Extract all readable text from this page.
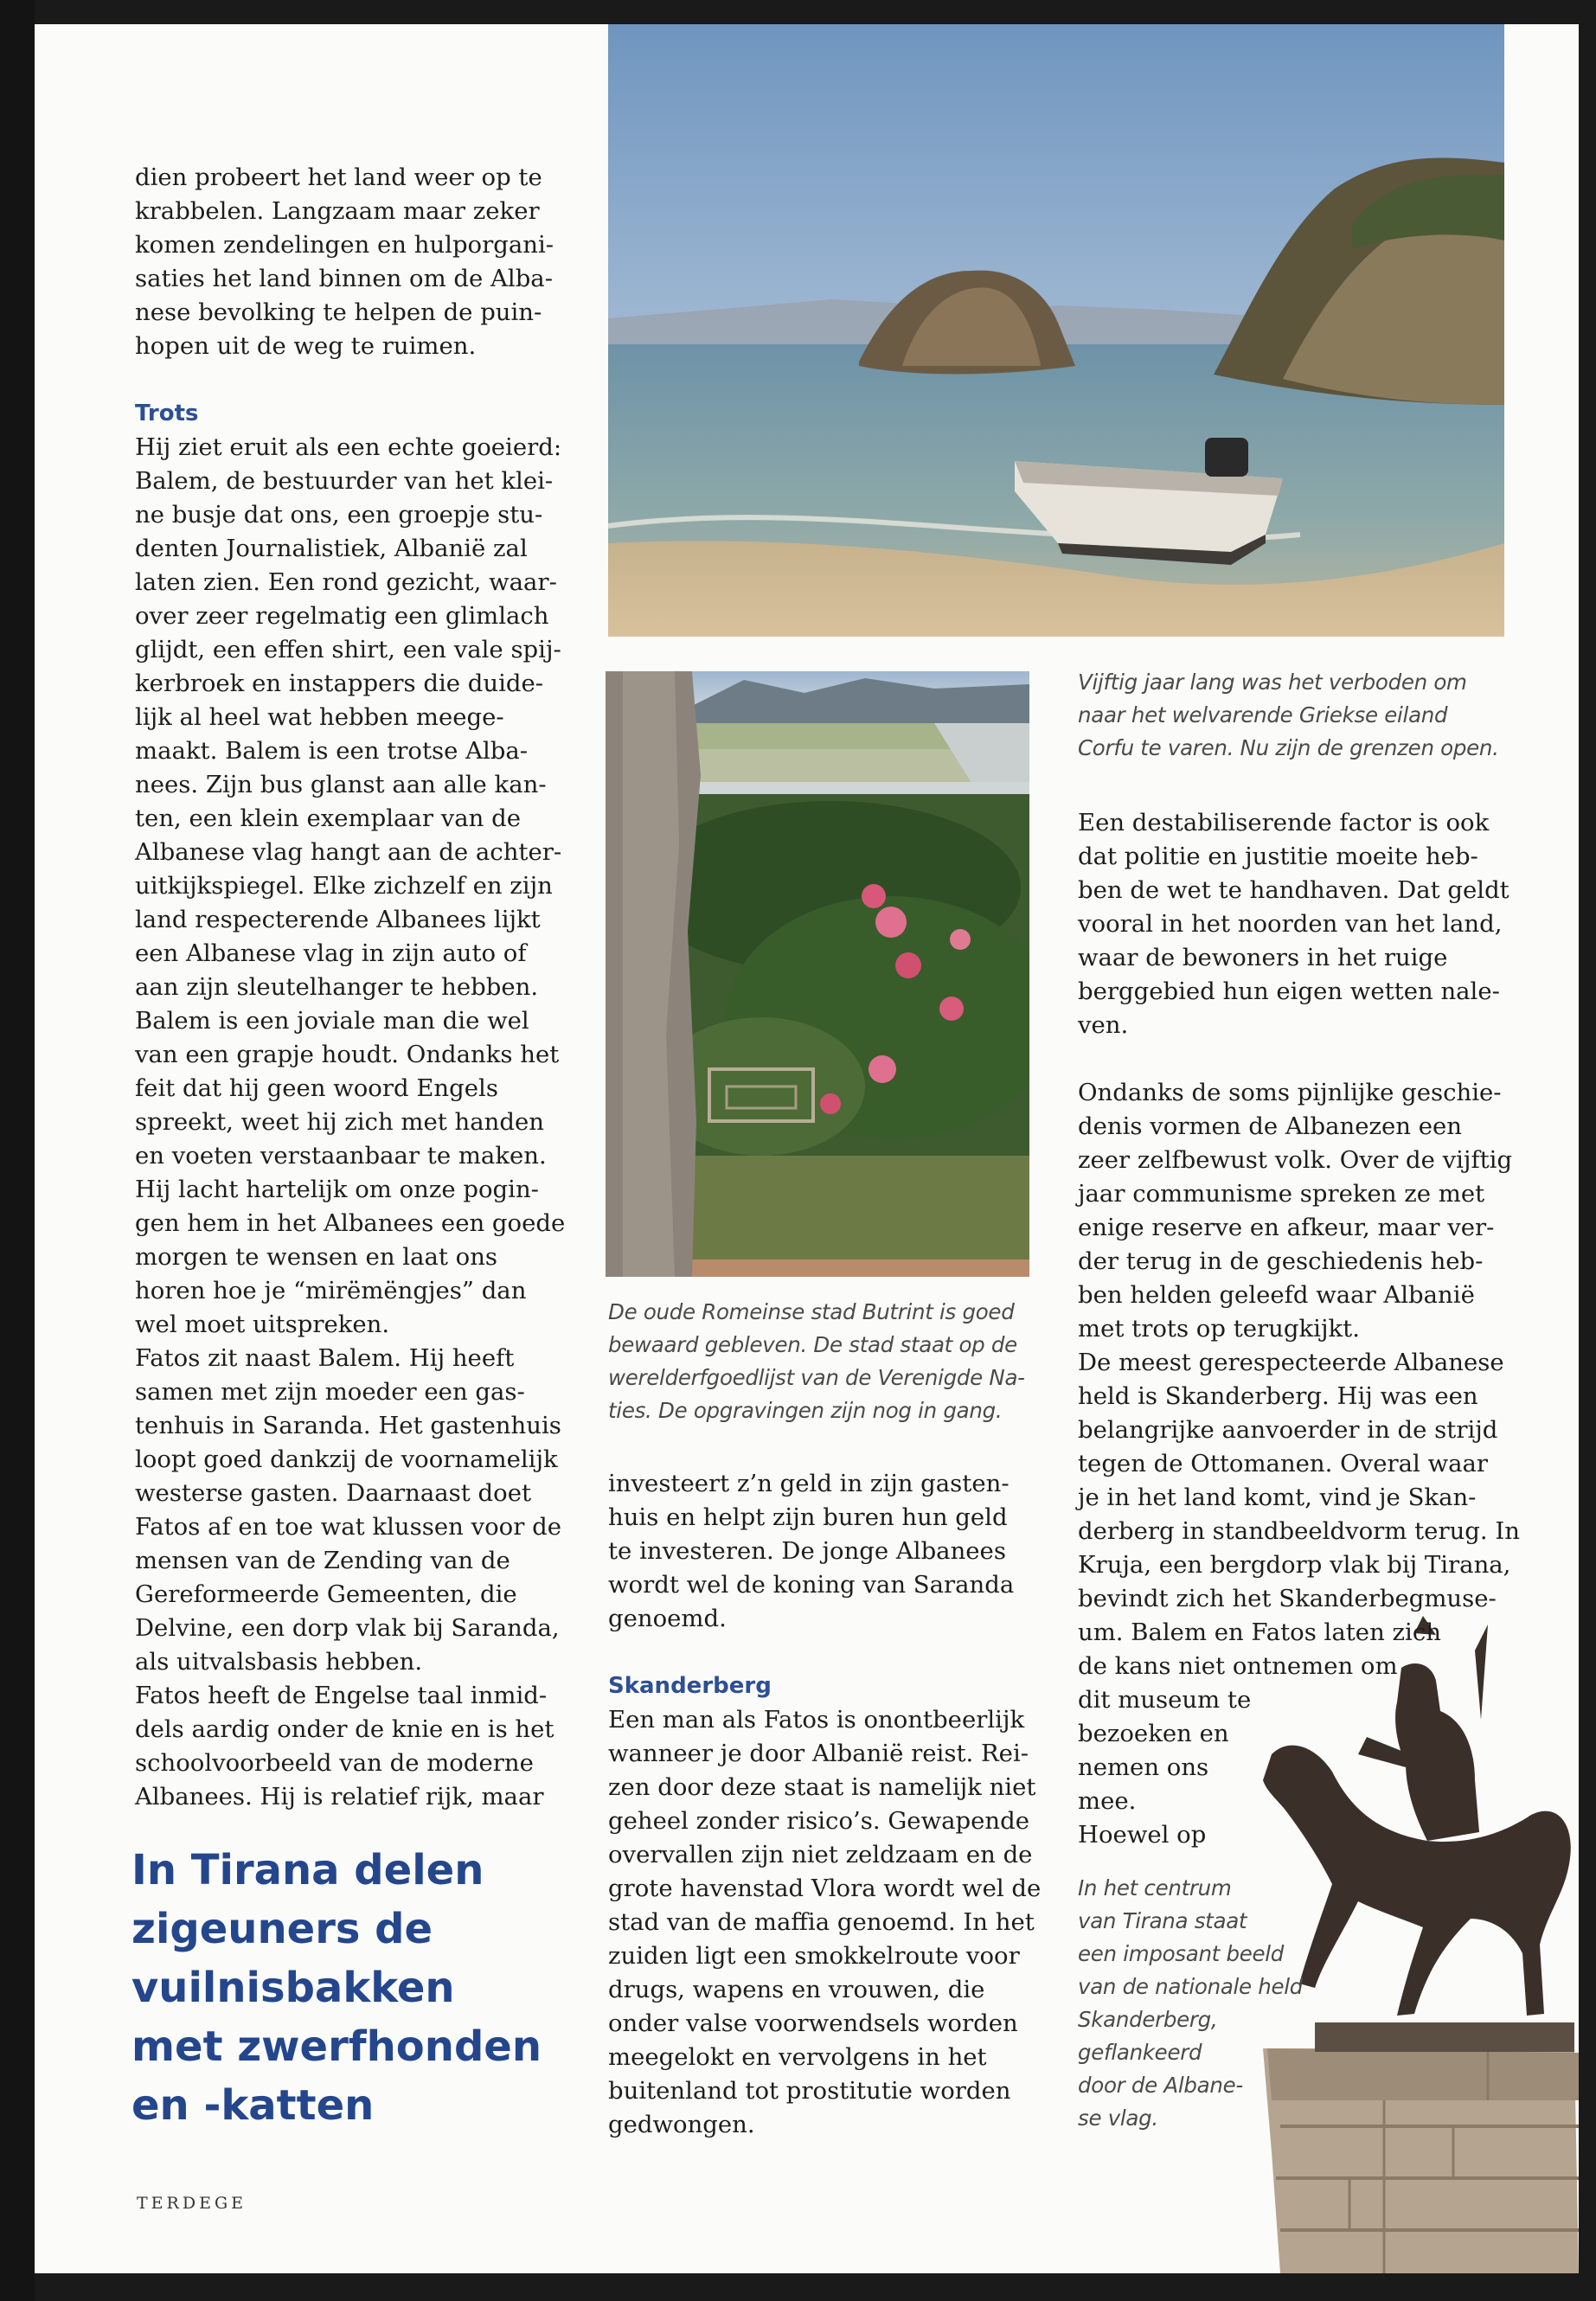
dien probeert het land weer op te

krabbelen. Langzaam maar zeker

komen zendelingen en hulporgani-

saties het land binnen om de Alba-

nese bevolking te helpen de puin-

hopen uit de weg te ruimen.

Trots

Hij ziet eruit als een echte goeierd:

Balem, de bestuurder van het klei-

ne busje dat ons, een groepje stu-

denten Journalistiek, Albanië zal

laten zien. Een rond gezicht, waar-

over zeer regelmatig een glimlach

glijdt, een effen shirt, een vale spij-

kerbroek en instappers die duide-

lijk al heel wat hebben meege-

maakt. Balem is een trotse Alba-

nees. Zijn bus glanst aan alle kan-

ten, een klein exemplaar van de

Albanese vlag hangt aan de achter-

uitkijkspiegel. Elke zichzelf en zijn

land respecterende Albanees lijkt

een Albanese vlag in zijn auto of

aan zijn sleutelhanger te hebben.

Balem is een joviale man die wel

van een grapje houdt. Ondanks het

feit dat hij geen woord Engels

spreekt, weet hij zich met handen

en voeten verstaanbaar te maken.

Hij lacht hartelijk om onze pogin-

gen hem in het Albanees een goede

morgen te wensen en laat ons

horen hoe je “mirëmëngjes” dan

wel moet uitspreken.

Fatos zit naast Balem. Hij heeft

samen met zijn moeder een gas-

tenhuis in Saranda. Het gastenhuis

loopt goed dankzij de voornamelijk

westerse gasten. Daarnaast doet

Fatos af en toe wat klussen voor de

mensen van de Zending van de

Gereformeerde Gemeenten, die

Delvine, een dorp vlak bij Saranda,

als uitvalsbasis hebben.

Fatos heeft de Engelse taal inmid-

dels aardig onder de knie en is het

schoolvoorbeeld van de moderne

Albanees. Hij is relatief rijk, maar

In Tirana delen
zigeuners de
vuilnisbakken
met zwerfhonden
en -katten
TERDEGE
De oude Romeinse stad Butrint is goed
bewaard gebleven. De stad staat op de
werelderfgoedlijst van de Verenigde Na-
ties. De opgravingen zijn nog in gang.

investeert z’n geld in zijn gasten-

huis en helpt zijn buren hun geld

te investeren. De jonge Albanees

wordt wel de koning van Saranda

genoemd.

Skanderberg

Een man als Fatos is onontbeerlijk

wanneer je door Albanië reist. Rei-

zen door deze staat is namelijk niet

geheel zonder risico’s. Gewapende

overvallen zijn niet zeldzaam en de

grote havenstad Vlora wordt wel de

stad van de maffia genoemd. In het

zuiden ligt een smokkelroute voor

drugs, wapens en vrouwen, die

onder valse voorwendsels worden

meegelokt en vervolgens in het

buitenland tot prostitutie worden

gedwongen.

Vijftig jaar lang was het verboden om
naar het welvarende Griekse eiland
Corfu te varen. Nu zijn de grenzen open.

Een destabiliserende factor is ook

dat politie en justitie moeite heb-

ben de wet te handhaven. Dat geldt

vooral in het noorden van het land,

waar de bewoners in het ruige

berggebied hun eigen wetten nale-

ven.

Ondanks de soms pijnlijke geschie-

denis vormen de Albanezen een

zeer zelfbewust volk. Over de vijftig

jaar communisme spreken ze met

enige reserve en afkeur, maar ver-

der terug in de geschiedenis heb-

ben helden geleefd waar Albanië

met trots op terugkijkt.

De meest gerespecteerde Albanese

held is Skanderberg. Hij was een

belangrijke aanvoerder in de strijd

tegen de Ottomanen. Overal waar

je in het land komt, vind je Skan-

derberg in standbeeldvorm terug. In

Kruja, een bergdorp vlak bij Tirana,

bevindt zich het Skanderbegmuse-

um. Balem en Fatos laten zich

de kans niet ontnemen om

dit museum te

bezoeken en

nemen ons

mee.

Hoewel op

In het centrum
van Tirana staat
een imposant beeld
van de nationale held
Skanderberg,
geflankeerd
door de Albane-
se vlag.
